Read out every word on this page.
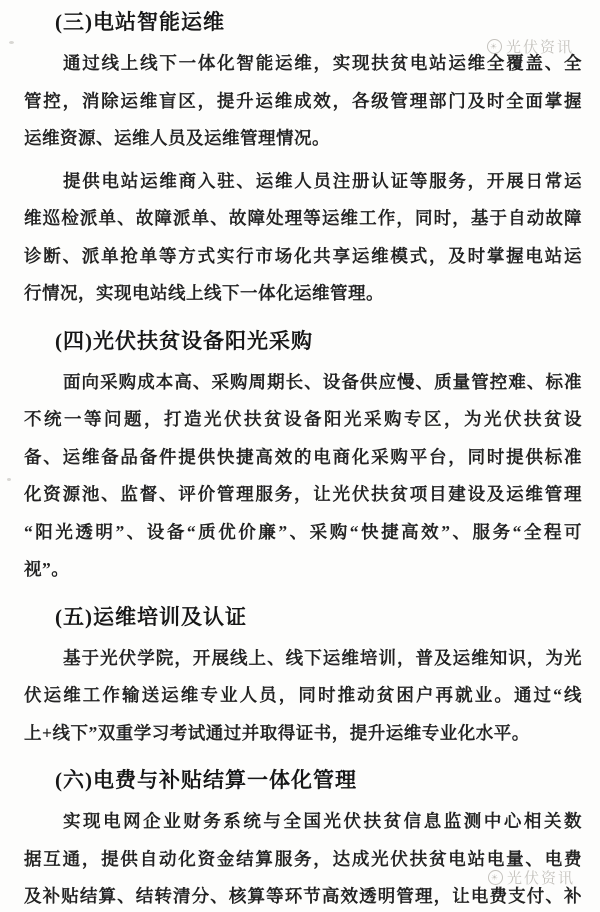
(三)电站智能运维
通过线上线下一体化智能运维，实现扶贫电站运维全覆盖、全
管控，消除运维盲区，提升运维成效，各级管理部门及时全面掌握
运维资源、运维人员及运维管理情况。
提供电站运维商入驻、运维人员注册认证等服务，开展日常运
维巡检派单、故障派单、故障处理等运维工作，同时，基于自动故障
诊断、派单抢单等方式实行市场化共享运维模式，及时掌握电站运
行情况，实现电站线上线下一体化运维管理。
(四)光伏扶贫设备阳光采购
面向采购成本高、采购周期长、设备供应慢、质量管控难、标准
不统一等问题，打造光伏扶贫设备阳光采购专区，为光伏扶贫设
备、运维备品备件提供快捷高效的电商化采购平台，同时提供标准
化资源池、监督、评价管理服务，让光伏扶贫项目建设及运维管理
“阳光透明”、设备“质优价廉”、采购“快捷高效”、服务“全程可
视”。
(五)运维培训及认证
基于光伏学院，开展线上、线下运维培训，普及运维知识，为光
伏运维工作输送运维专业人员，同时推动贫困户再就业。通过“线
上+线下”双重学习考试通过并取得证书，提升运维专业化水平。
(六)电费与补贴结算一体化管理
实现电网企业财务系统与全国光伏扶贫信息监测中心相关数
据互通，提供自动化资金结算服务，达成光伏扶贫电站电量、电费
及补贴结算、结转清分、核算等环节高效透明管理，让电费支付、补
☀ 光伏资讯
☀ 光伏资讯
